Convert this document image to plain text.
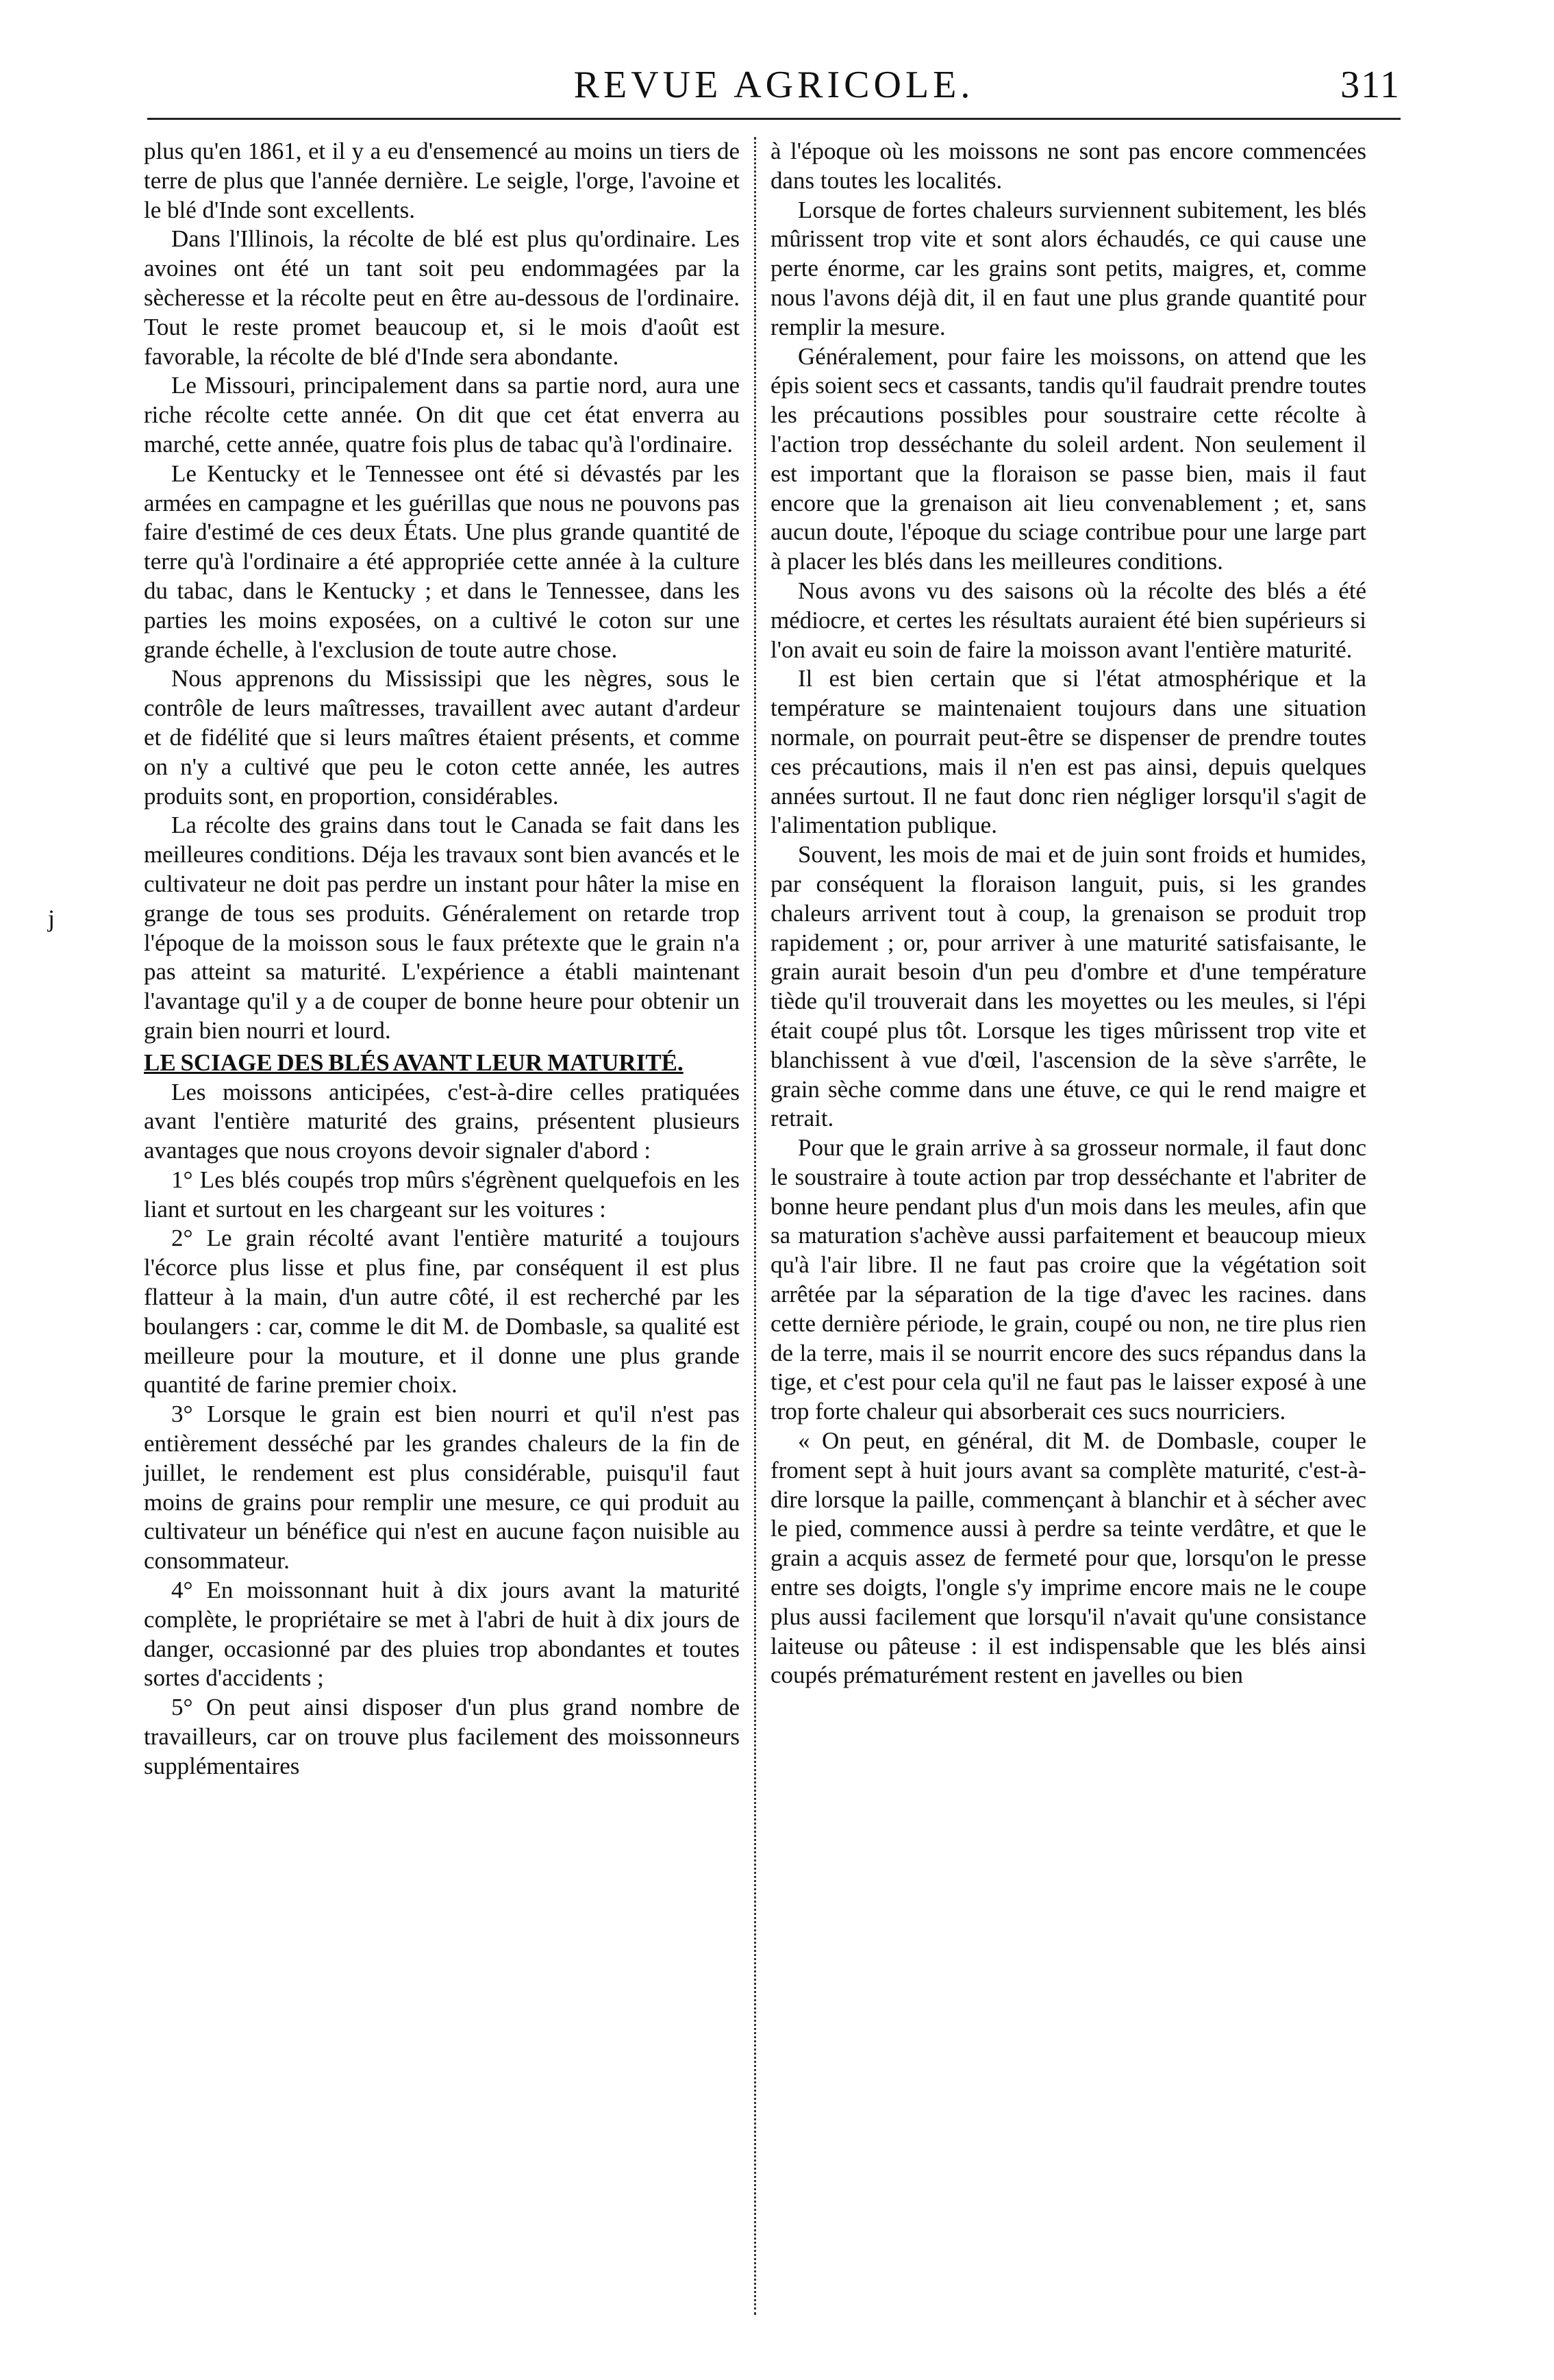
REVUE AGRICOLE.	311
j

plus qu'en 1861, et il y a eu d'ensemencé au moins un tiers de terre de plus que l'année dernière. Le seigle, l'orge, l'avoine et le blé d'Inde sont excellents.

Dans l'Illinois, la récolte de blé est plus qu'ordinaire. Les avoines ont été un tant soit peu endommagées par la sècheresse et la récolte peut en être au-dessous de l'ordinaire. Tout le reste promet beaucoup et, si le mois d'août est favorable, la récolte de blé d'Inde sera abondante.

Le Missouri, principalement dans sa partie nord, aura une riche récolte cette année. On dit que cet état enverra au marché, cette année, quatre fois plus de tabac qu'à l'ordinaire.

Le Kentucky et le Tennessee ont été si dévastés par les armées en campagne et les guérillas que nous ne pouvons pas faire d'estimé de ces deux États. Une plus grande quantité de terre qu'à l'ordinaire a été appropriée cette année à la culture du tabac, dans le Kentucky ; et dans le Tennessee, dans les parties les moins exposées, on a cultivé le coton sur une grande échelle, à l'exclusion de toute autre chose.

Nous apprenons du Mississipi que les nègres, sous le contrôle de leurs maîtresses, travaillent avec autant d'ardeur et de fidélité que si leurs maîtres étaient présents, et comme on n'y a cultivé que peu le coton cette année, les autres produits sont, en proportion, considérables.

La récolte des grains dans tout le Canada se fait dans les meilleures conditions. Déja les travaux sont bien avancés et le cultivateur ne doit pas perdre un instant pour hâter la mise en grange de tous ses produits. Généralement on retarde trop l'époque de la moisson sous le faux prétexte que le grain n'a pas atteint sa maturité. L'expérience a établi maintenant l'avantage qu'il y a de couper de bonne heure pour obtenir un grain bien nourri et lourd.

LE SCIAGE DES BLÉS AVANT LEUR MATURITÉ.

Les moissons anticipées, c'est-à-dire celles pratiquées avant l'entière maturité des grains, présentent plusieurs avantages que nous croyons devoir signaler d'abord :

1° Les blés coupés trop mûrs s'égrènent quelquefois en les liant et surtout en les chargeant sur les voitures :

2° Le grain récolté avant l'entière maturité a toujours l'écorce plus lisse et plus fine, par conséquent il est plus flatteur à la main, d'un autre côté, il est recherché par les boulangers : car, comme le dit M. de Dombasle, sa qualité est meilleure pour la mouture, et il donne une plus grande quantité de farine premier choix.

3° Lorsque le grain est bien nourri et qu'il n'est pas entièrement desséché par les grandes chaleurs de la fin de juillet, le rendement est plus considérable, puisqu'il faut moins de grains pour remplir une mesure, ce qui produit au cultivateur un bénéfice qui n'est en aucune façon nuisible au consommateur.

4° En moissonnant huit à dix jours avant la maturité complète, le propriétaire se met à l'abri de huit à dix jours de danger, occasionné par des pluies trop abondantes et toutes sortes d'accidents ;

5° On peut ainsi disposer d'un plus grand nombre de travailleurs, car on trouve plus facilement des moissonneurs supplémentaires

à l'époque où les moissons ne sont pas encore commencées dans toutes les localités.

Lorsque de fortes chaleurs surviennent subitement, les blés mûrissent trop vite et sont alors échaudés, ce qui cause une perte énorme, car les grains sont petits, maigres, et, comme nous l'avons déjà dit, il en faut une plus grande quantité pour remplir la mesure.

Généralement, pour faire les moissons, on attend que les épis soient secs et cassants, tandis qu'il faudrait prendre toutes les précautions possibles pour soustraire cette récolte à l'action trop desséchante du soleil ardent. Non seulement il est important que la floraison se passe bien, mais il faut encore que la grenaison ait lieu convenablement ; et, sans aucun doute, l'époque du sciage contribue pour une large part à placer les blés dans les meilleures conditions.

Nous avons vu des saisons où la récolte des blés a été médiocre, et certes les résultats auraient été bien supérieurs si l'on avait eu soin de faire la moisson avant l'entière maturité.

Il est bien certain que si l'état atmosphérique et la température se maintenaient toujours dans une situation normale, on pourrait peut-être se dispenser de prendre toutes ces précautions, mais il n'en est pas ainsi, depuis quelques années surtout. Il ne faut donc rien négliger lorsqu'il s'agit de l'alimentation publique.

Souvent, les mois de mai et de juin sont froids et humides, par conséquent la floraison languit, puis, si les grandes chaleurs arrivent tout à coup, la grenaison se produit trop rapidement ; or, pour arriver à une maturité satisfaisante, le grain aurait besoin d'un peu d'ombre et d'une température tiède qu'il trouverait dans les moyettes ou les meules, si l'épi était coupé plus tôt. Lorsque les tiges mûrissent trop vite et blanchissent à vue d'œil, l'ascension de la sève s'arrête, le grain sèche comme dans une étuve, ce qui le rend maigre et retrait.

Pour que le grain arrive à sa grosseur normale, il faut donc le soustraire à toute action par trop desséchante et l'abriter de bonne heure pendant plus d'un mois dans les meules, afin que sa maturation s'achève aussi parfaitement et beaucoup mieux qu'à l'air libre. Il ne faut pas croire que la végétation soit arrêtée par la séparation de la tige d'avec les racines. dans cette dernière période, le grain, coupé ou non, ne tire plus rien de la terre, mais il se nourrit encore des sucs répandus dans la tige, et c'est pour cela qu'il ne faut pas le laisser exposé à une trop forte chaleur qui absorberait ces sucs nourriciers.

« On peut, en général, dit M. de Dombasle, couper le froment sept à huit jours avant sa complète maturité, c'est-à-dire lorsque la paille, commençant à blanchir et à sécher avec le pied, commence aussi à perdre sa teinte verdâtre, et que le grain a acquis assez de fermeté pour que, lorsqu'on le presse entre ses doigts, l'ongle s'y imprime encore mais ne le coupe plus aussi facilement que lorsqu'il n'avait qu'une consistance laiteuse ou pâteuse : il est indispensable que les blés ainsi coupés prématurément restent en javelles ou bien
